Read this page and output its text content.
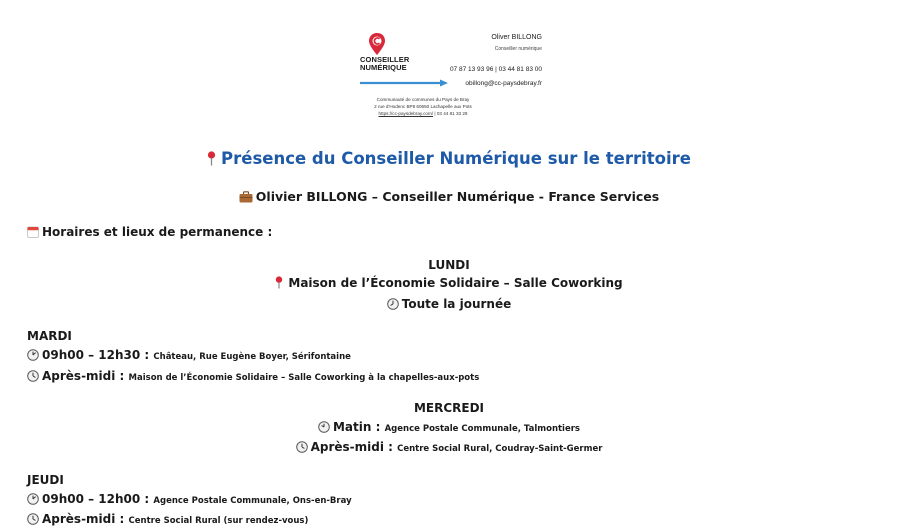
CONSEILLER
NUMÉRIQUE
Oliver BILLONG
Conseiller numérique
07 87 13 93 96 | 03 44 81 83 00
obillong@cc-paysdebray.fr
Communauté de communes du Pays de Bray
2 rue d'Hodenc BP8 60650 Lachapelle aux Pots
https://cc-paysdebray.com/ | 03 44 81 33 29
Présence du Conseiller Numérique sur le territoire
Olivier BILLONG – Conseiller Numérique - France Services
Horaires et lieux de permanence :
LUNDI
Maison de l’Économie Solidaire – Salle Coworking
Toute la journée
MARDI
09h00 – 12h30 : Château, Rue Eugène Boyer, Sérifontaine
Après-midi : Maison de l’Économie Solidaire – Salle Coworking à la chapelles-aux-pots
MERCREDI
Matin : Agence Postale Communale, Talmontiers
Après-midi : Centre Social Rural, Coudray-Saint-Germer
JEUDI
09h00 – 12h00 : Agence Postale Communale, Ons-en-Bray
Après-midi : Centre Social Rural (sur rendez-vous)
